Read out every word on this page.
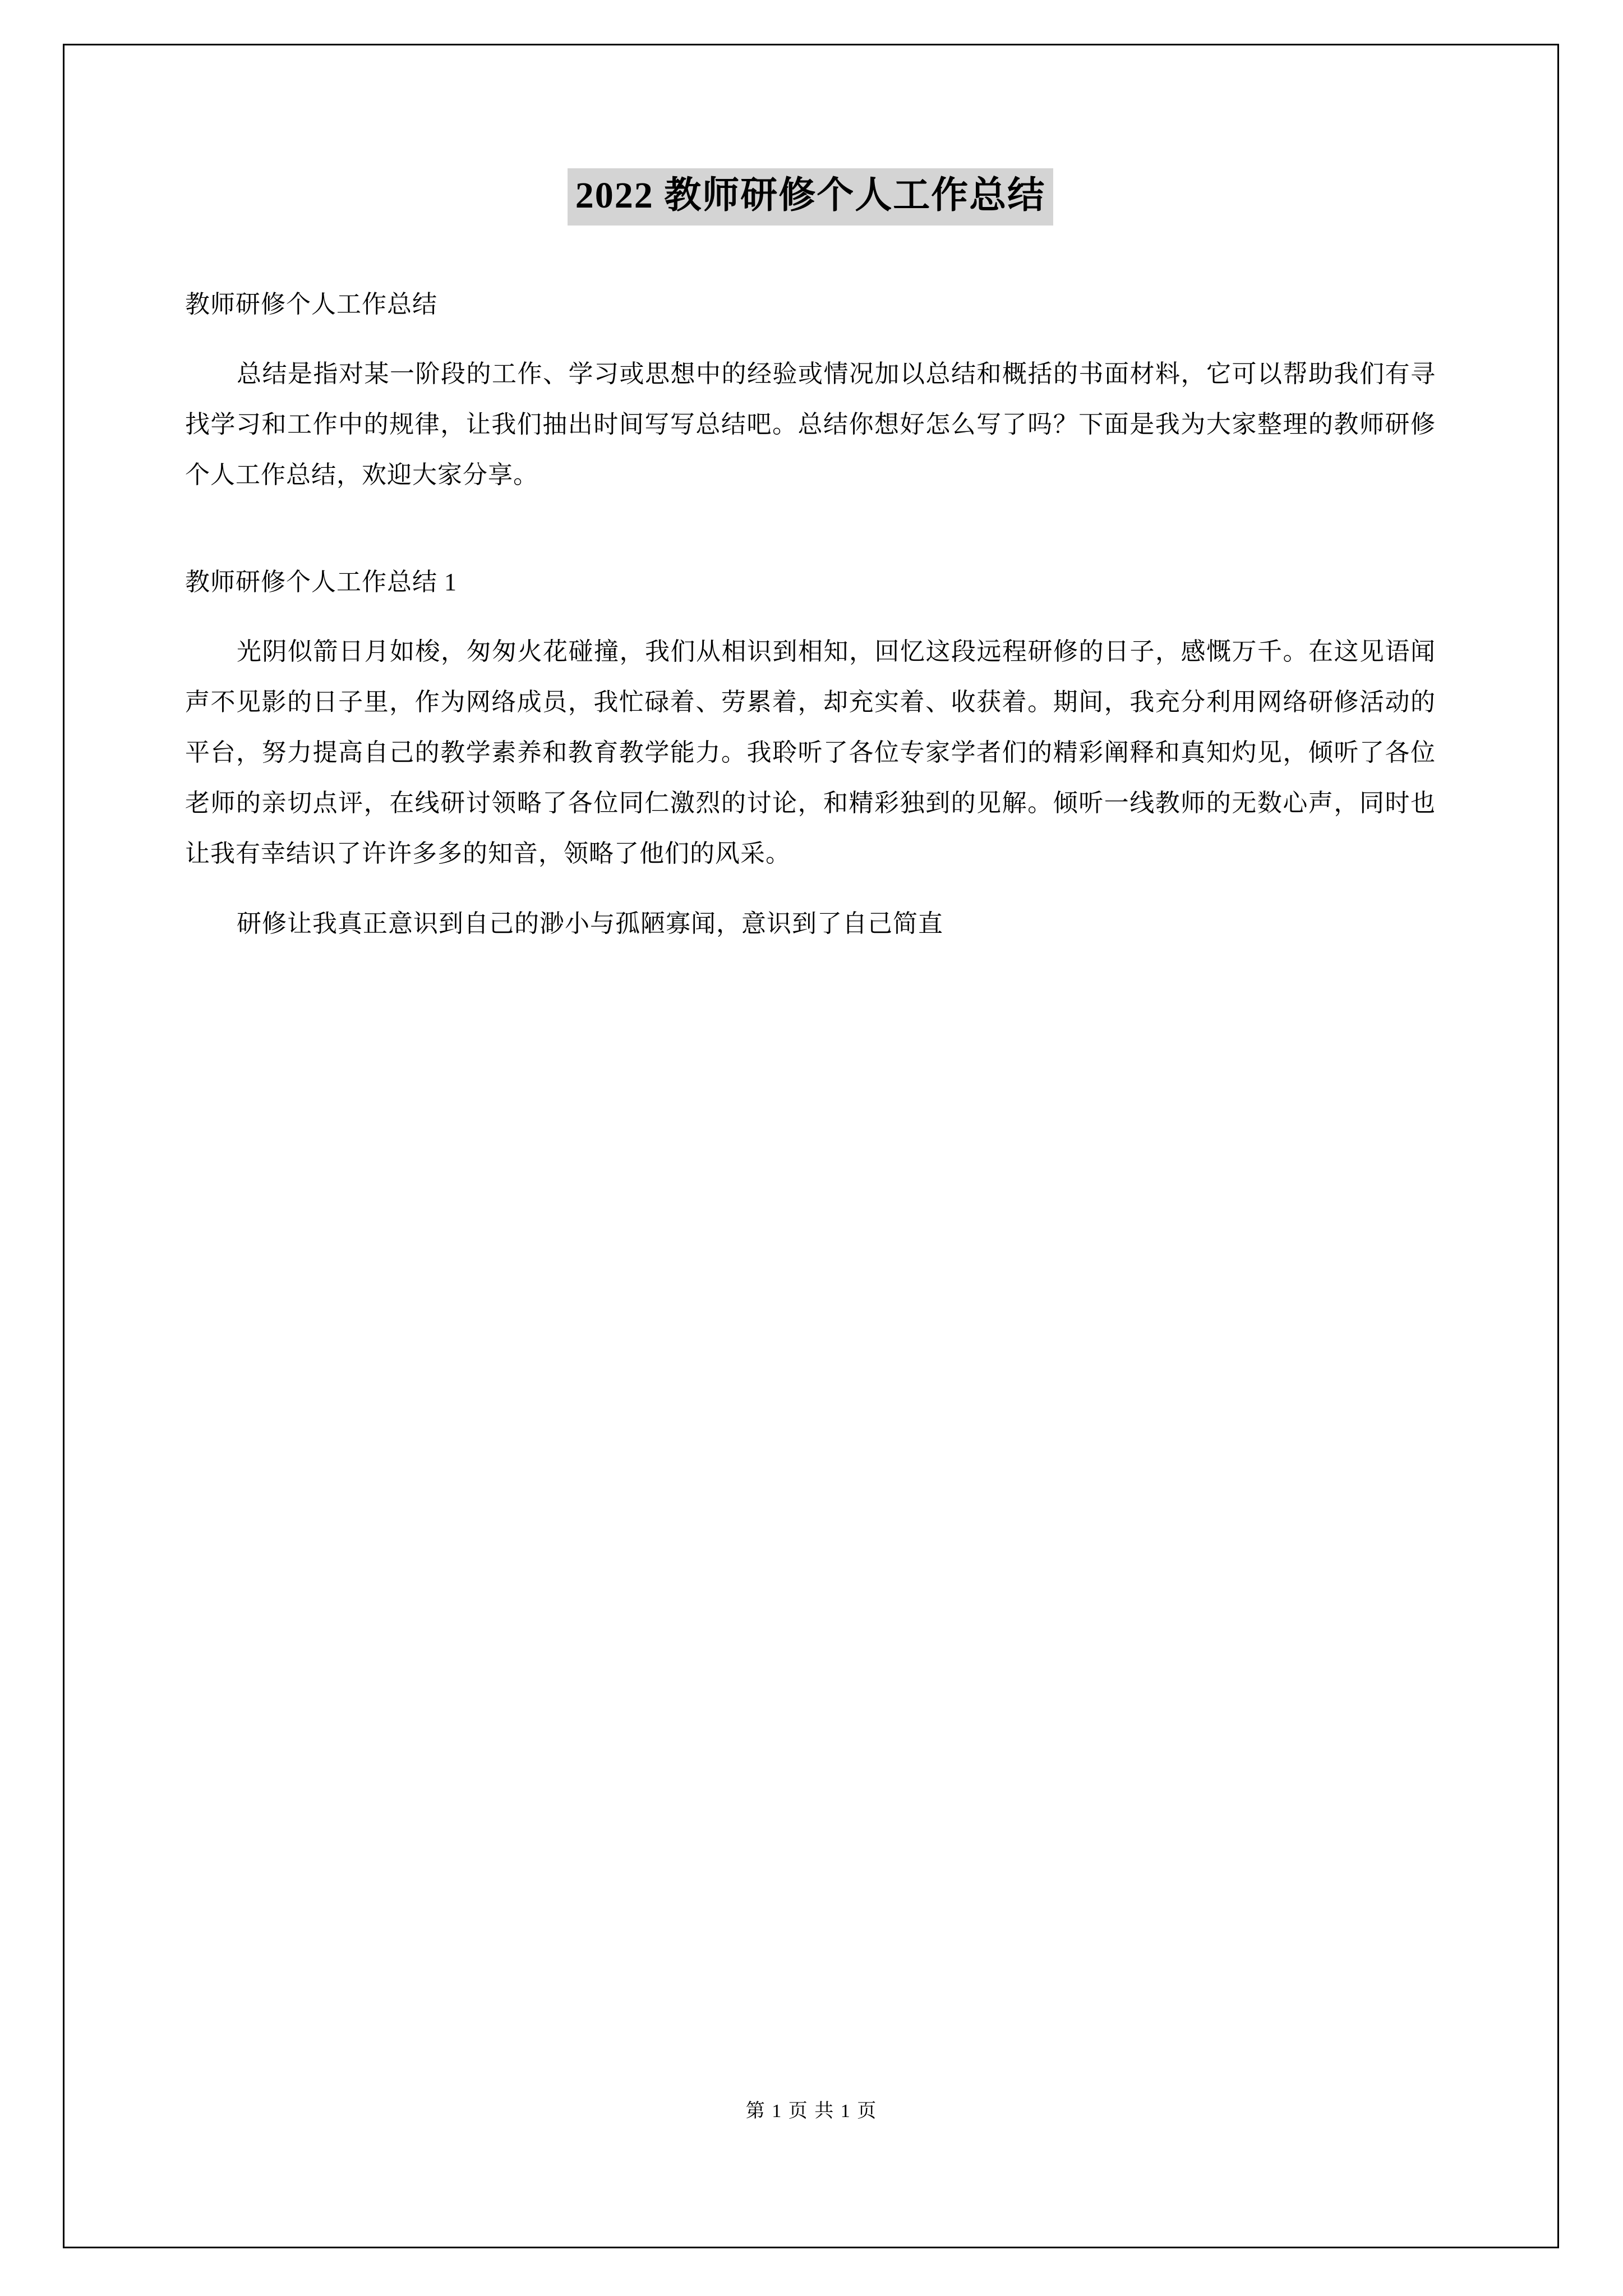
2022 教师研修个人工作总结

教师研修个人工作总结

总结是指对某一阶段的工作、学习或思想中的经验或情况加以总结和概括的书面材料，它可以帮助我们有寻找学习和工作中的规律，让我们抽出时间写写总结吧。总结你想好怎么写了吗？下面是我为大家整理的教师研修个人工作总结，欢迎大家分享。

教师研修个人工作总结 1

光阴似箭日月如梭，匆匆火花碰撞，我们从相识到相知，回忆这段远程研修的日子，感慨万千。在这见语闻声不见影的日子里，作为网络成员，我忙碌着、劳累着，却充实着、收获着。期间，我充分利用网络研修活动的平台，努力提高自己的教学素养和教育教学能力。我聆听了各位专家学者们的精彩阐释和真知灼见，倾听了各位老师的亲切点评，在线研讨领略了各位同仁激烈的讨论，和精彩独到的见解。倾听一线教师的无数心声，同时也让我有幸结识了许许多多的知音，领略了他们的风采。

研修让我真正意识到自己的渺小与孤陋寡闻，意识到了自己简直

第 1 页 共 1 页
